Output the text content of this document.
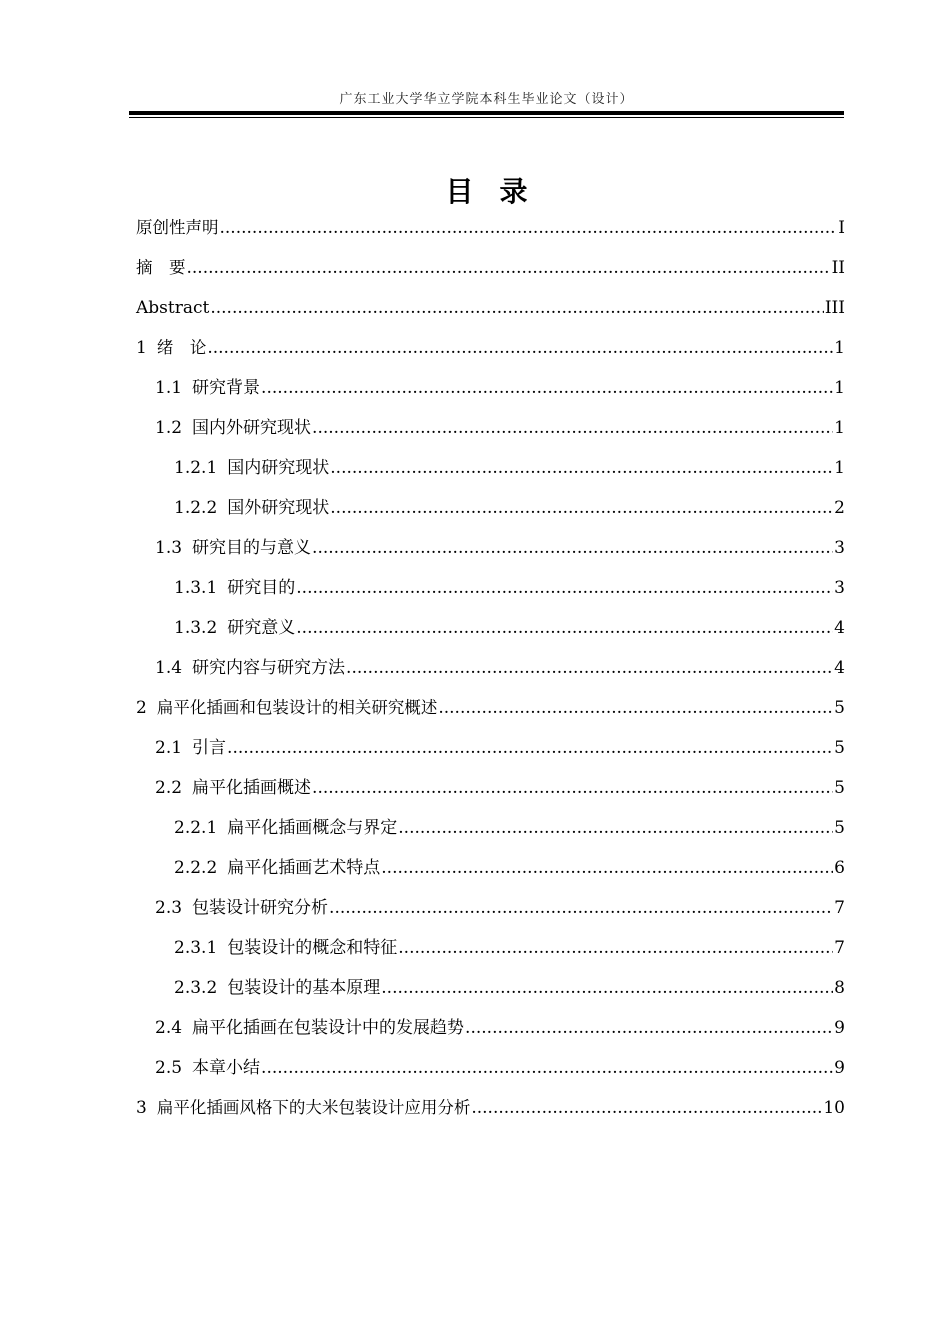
广东工业大学华立学院本科生毕业论文（设计）
目录
原创性声明 .....	I
摘　要 .....	II
Abstract .....	III
1 绪　论 .....	1
1.1 研究背景 .....	1
1.2 国内外研究现状 .....	1
1.2.1 国内研究现状 .....	1
1.2.2 国外研究现状 .....	2
1.3 研究目的与意义 .....	3
1.3.1 研究目的 .....	3
1.3.2 研究意义 .....	4
1.4 研究内容与研究方法 .....	4
2 扁平化插画和包装设计的相关研究概述 .....	5
2.1 引言 .....	5
2.2 扁平化插画概述 .....	5
2.2.1 扁平化插画概念与界定 .....	5
2.2.2 扁平化插画艺术特点 .....	6
2.3 包装设计研究分析 .....	7
2.3.1 包装设计的概念和特征 .....	7
2.3.2 包装设计的基本原理 .....	8
2.4 扁平化插画在包装设计中的发展趋势 .....	9
2.5 本章小结 .....	9
3 扁平化插画风格下的大米包装设计应用分析 .....	10
